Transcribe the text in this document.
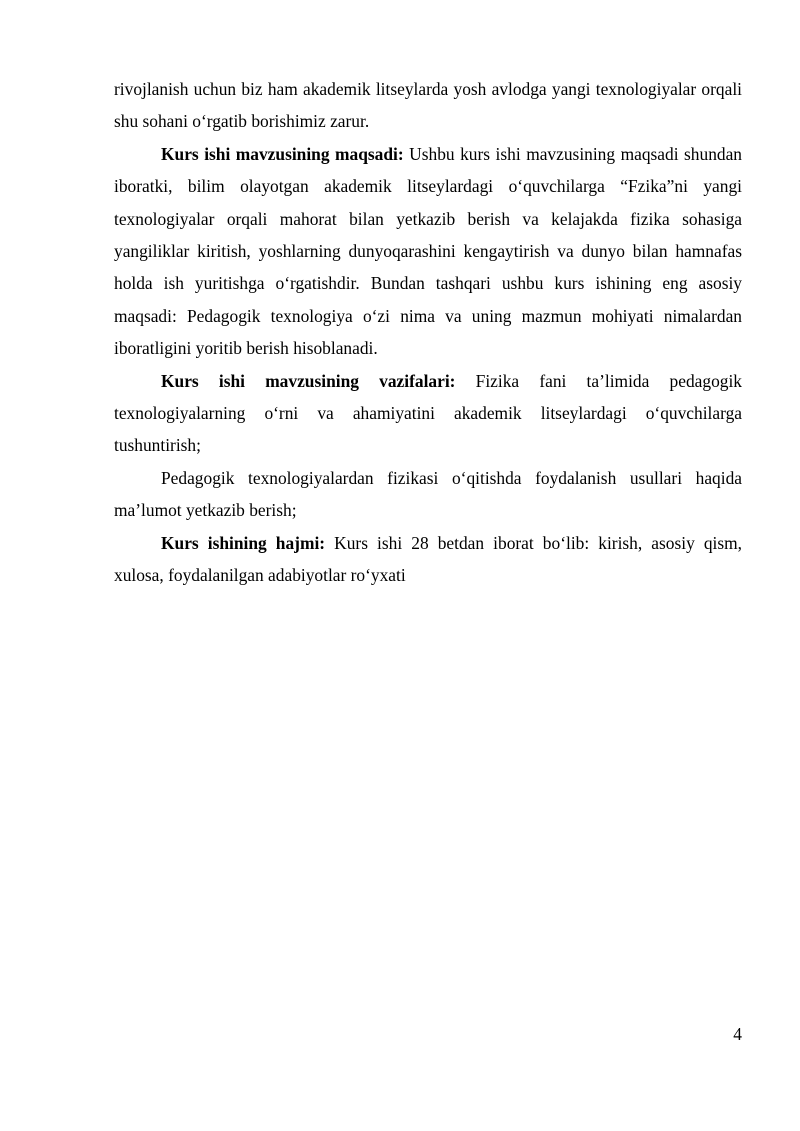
rivojlanish uchun biz ham akademik litseylarda yosh avlodga yangi texnologiyalar orqali shu sohani o‘rgatib borishimiz zarur.

Kurs ishi mavzusining maqsadi: Ushbu kurs ishi mavzusining maqsadi shundan iboratki, bilim olayotgan akademik litseylardagi o‘quvchilarga “Fzika”ni yangi texnologiyalar orqali mahorat bilan yetkazib berish va kelajakda fizika sohasiga yangiliklar kiritish, yoshlarning dunyoqarashini kengaytirish va dunyo bilan hamnafas holda ish yuritishga o‘rgatishdir. Bundan tashqari ushbu kurs ishining eng asosiy maqsadi: Pedagogik texnologiya o‘zi nima va uning mazmun mohiyati nimalardan iboratligini yoritib berish hisoblanadi.

Kurs ishi mavzusining vazifalari: Fizika fani ta’limida pedagogik texnologiyalarning o‘rni va ahamiyatini akademik litseylardagi o‘quvchilarga tushuntirish;

Pedagogik texnologiyalardan fizikasi o‘qitishda foydalanish usullari haqida ma’lumot yetkazib berish;

Kurs ishining hajmi: Kurs ishi 28 betdan iborat bo‘lib: kirish, asosiy qism, xulosa, foydalanilgan adabiyotlar ro‘yxati

4
